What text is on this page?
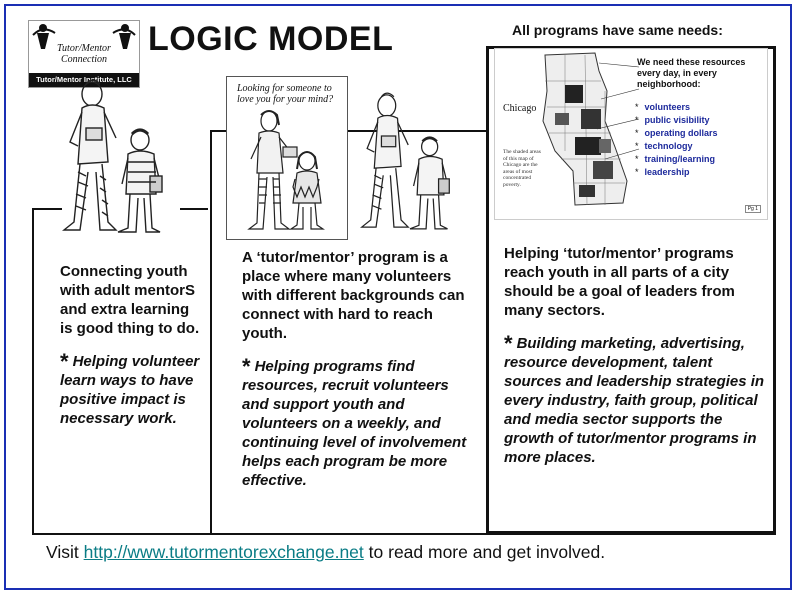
Tutor/Mentor
Connection
Tutor/Mentor Institute, LLC
LOGIC MODEL	All programs have same needs:
Looking for someone to love you for your mind?
Chicago
The shaded areas of this map of Chicago are the areas of most concentrated poverty.
We need these resources every day, in every neighborhood:
* volunteers
* public visibility
* operating dollars
* technology
* training/learning
* leadership
Pg 1

Connecting youth with adult mentorS and extra learning is good thing to do.

* Helping volunteer learn ways to have positive impact is necessary work.

A ‘tutor/mentor’ program is a place where many volunteers with different backgrounds can connect with hard to reach youth.

* Helping programs find resources, recruit volunteers and support youth and volunteers on a weekly, and continuing level of involvement helps each program be more effective.

Helping ‘tutor/mentor’ programs reach youth in all parts of a city should be a goal of leaders from many sectors.

* Building marketing, advertising, resource development, talent sources and leadership strategies in every industry, faith group, political and media sector supports the growth of tutor/mentor programs in more places.

Visit http://www.tutormentorexchange.net to read more and get involved.
